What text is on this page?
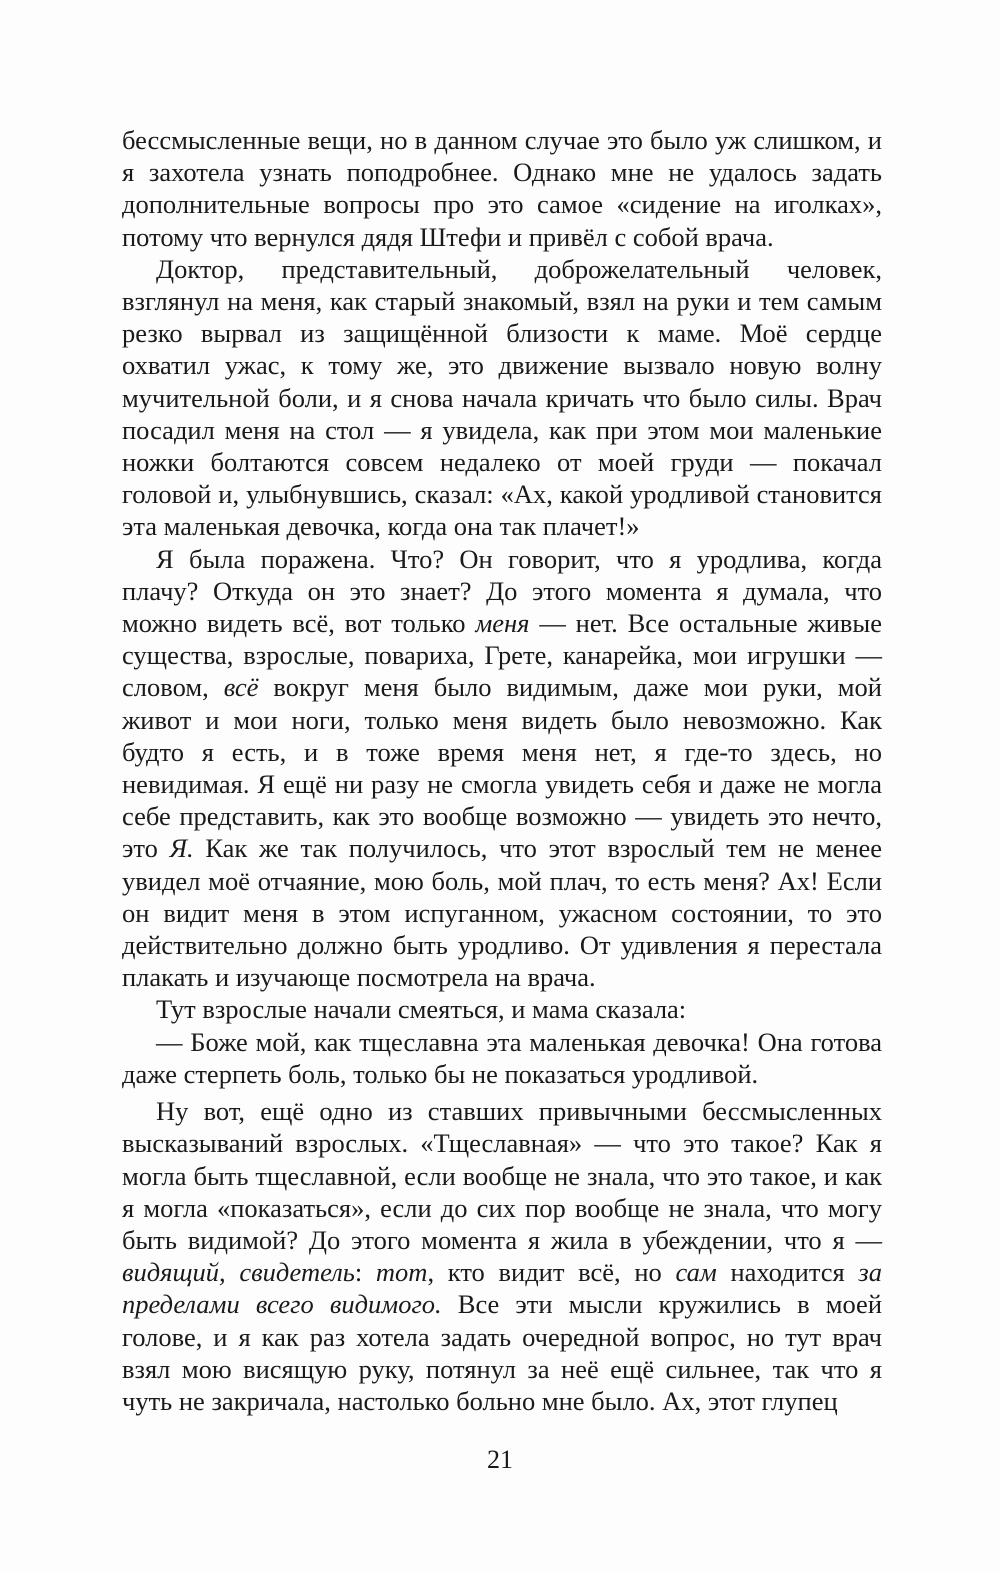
бессмысленные вещи, но в данном случае это было уж слишком, и я захотела узнать поподробнее. Однако мне не удалось задать дополнительные вопросы про это самое «сидение на иголках», потому что вернулся дядя Штефи и привёл с собой врача.

Доктор, представительный, доброжелательный человек, взглянул на меня, как старый знакомый, взял на руки и тем самым резко вырвал из защищённой близости к маме. Моё сердце охватил ужас, к тому же, это движение вызвало новую волну мучительной боли, и я снова начала кричать что было силы. Врач посадил меня на стол — я увидела, как при этом мои маленькие ножки болтаются совсем недалеко от моей груди — покачал головой и, улыбнувшись, сказал: «Ах, какой уродливой становится эта маленькая девочка, когда она так плачет!»

Я была поражена. Что? Он говорит, что я уродлива, когда плачу? Откуда он это знает? До этого момента я думала, что можно видеть всё, вот только меня — нет. Все остальные живые существа, взрослые, повариха, Грете, канарейка, мои игрушки — словом, всё вокруг меня было видимым, даже мои руки, мой живот и мои ноги, только меня видеть было невозможно. Как будто я есть, и в тоже время меня нет, я где-то здесь, но невидимая. Я ещё ни разу не смогла увидеть себя и даже не могла себе представить, как это вообще возможно — увидеть это нечто, это Я. Как же так получилось, что этот взрослый тем не менее увидел моё отчаяние, мою боль, мой плач, то есть меня? Ах! Если он видит меня в этом испуганном, ужасном состоянии, то это действительно должно быть уродливо. От удивления я перестала плакать и изучающе посмотрела на врача.

Тут взрослые начали смеяться, и мама сказала:

— Боже мой, как тщеславна эта маленькая девочка! Она готова даже стерпеть боль, только бы не показаться уродливой.

Ну вот, ещё одно из ставших привычными бессмысленных высказываний взрослых. «Тщеславная» — что это такое? Как я могла быть тщеславной, если вообще не знала, что это такое, и как я могла «показаться», если до сих пор вообще не знала, что могу быть видимой? До этого момента я жила в убеждении, что я — видящий, свидетель: тот, кто видит всё, но сам находится за пределами всего видимого. Все эти мысли кружились в моей голове, и я как раз хотела задать очередной вопрос, но тут врач взял мою висящую руку, потянул за неё ещё сильнее, так что я чуть не закричала, настолько больно мне было. Ах, этот глупец

21
